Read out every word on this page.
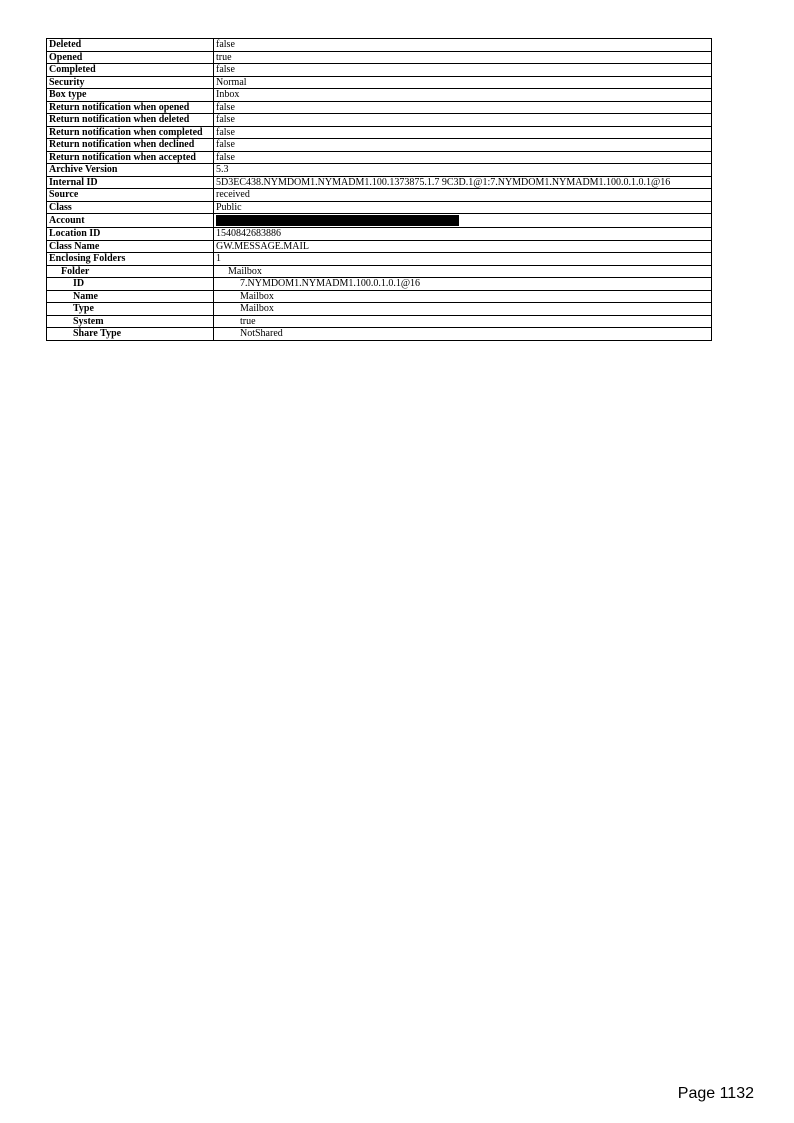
Deleted	false
Opened	true
Completed	false
Security	Normal
Box type	Inbox
Return notification when opened	false
Return notification when deleted	false
Return notification when completed	false
Return notification when declined	false
Return notification when accepted	false
Archive Version	5.3
Internal ID	5D3EC438.NYMDOM1.NYMADM1.100.1373875.1.7 9C3D.1@1:7.NYMDOM1.NYMADM1.100.0.1.0.1@16
Source	received
Class	Public
Account	

Location ID	1540842683886
Class Name	GW.MESSAGE.MAIL
Enclosing Folders	1
Folder	Mailbox
ID	7.NYMDOM1.NYMADM1.100.0.1.0.1@16
Name	Mailbox
Type	Mailbox
System	true
Share Type	NotShared
Page 1132
